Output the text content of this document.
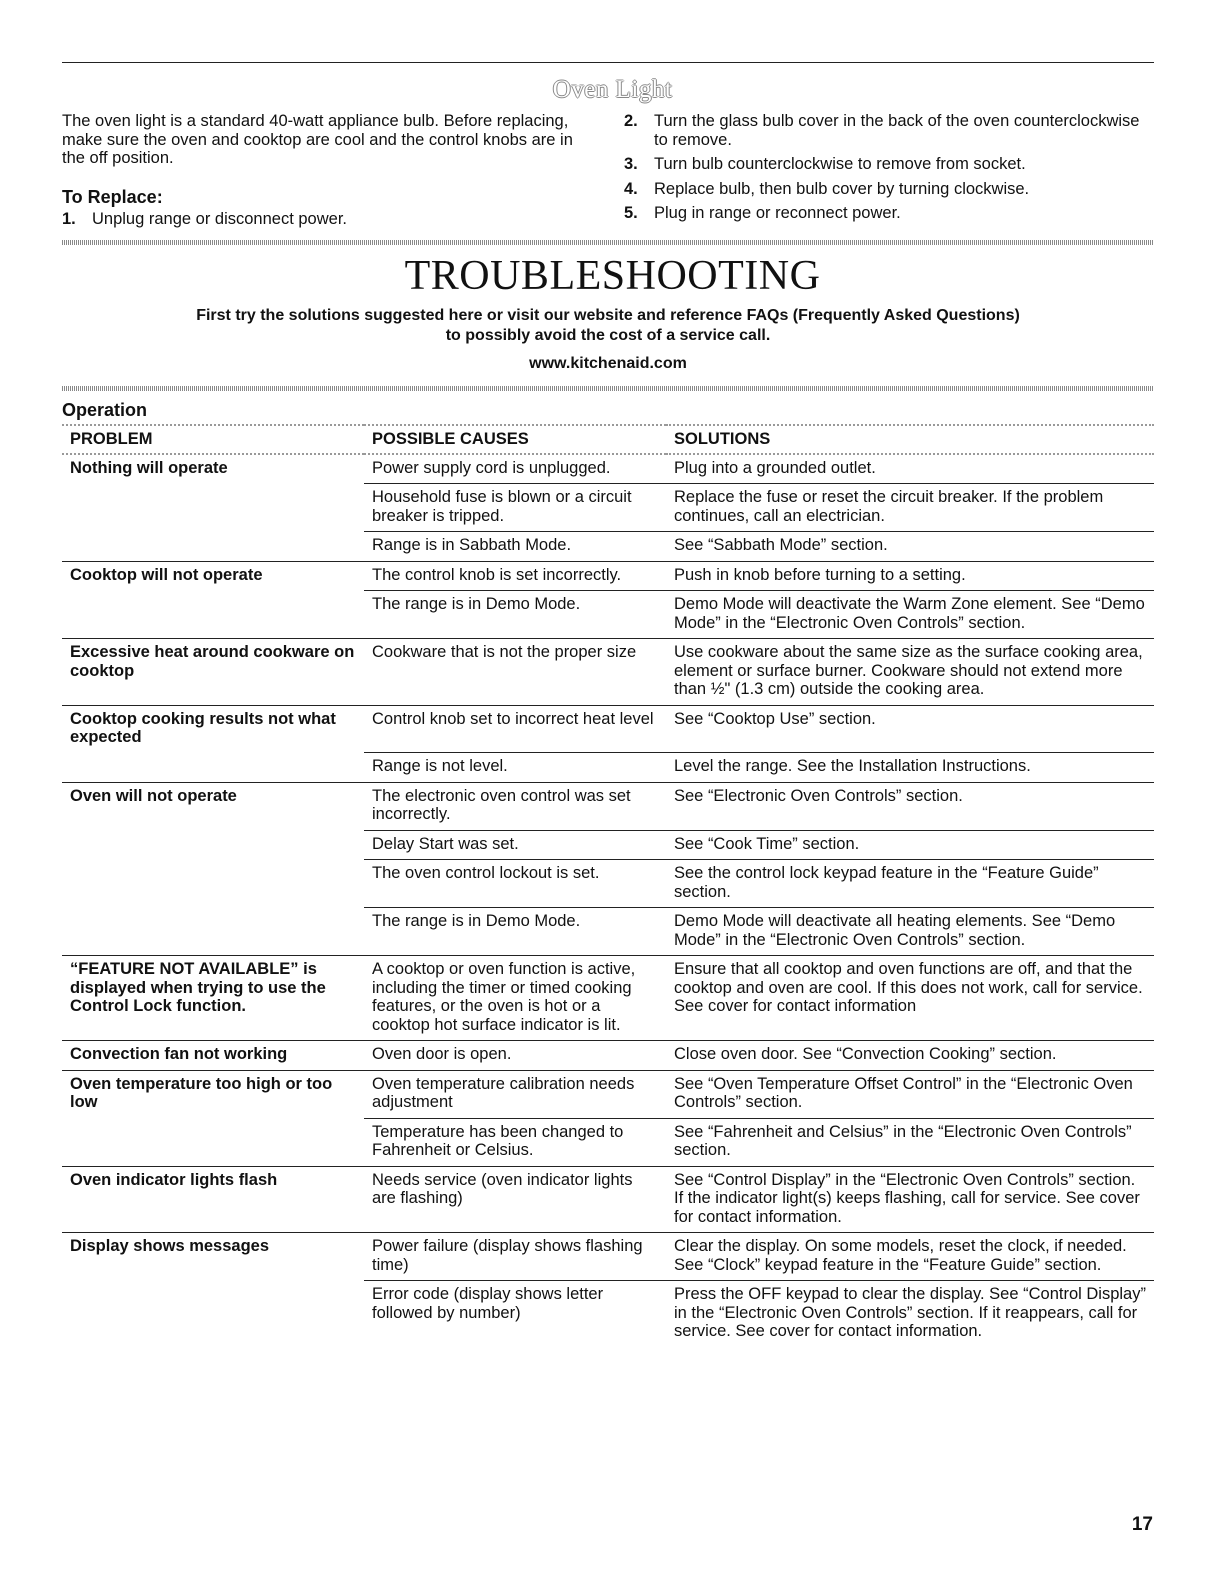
Oven Light
The oven light is a standard 40-watt appliance bulb. Before replacing, make sure the oven and cooktop are cool and the control knobs are in the off position.
To Replace:
1. Unplug range or disconnect power.
2. Turn the glass bulb cover in the back of the oven counterclockwise to remove.
3. Turn bulb counterclockwise to remove from socket.
4. Replace bulb, then bulb cover by turning clockwise.
5. Plug in range or reconnect power.
TROUBLESHOOTING
First try the solutions suggested here or visit our website and reference FAQs (Frequently Asked Questions)
to possibly avoid the cost of a service call.
www.kitchenaid.com
Operation
PROBLEM	POSSIBLE CAUSES	SOLUTIONS
Nothing will operate	Power supply cord is unplugged.	Plug into a grounded outlet.
	Household fuse is blown or a circuit breaker is tripped.	Replace the fuse or reset the circuit breaker. If the problem continues, call an electrician.
	Range is in Sabbath Mode.	See “Sabbath Mode” section.
Cooktop will not operate	The control knob is set incorrectly.	Push in knob before turning to a setting.
	The range is in Demo Mode.	Demo Mode will deactivate the Warm Zone element. See “Demo Mode” in the “Electronic Oven Controls” section.
Excessive heat around cookware on cooktop	Cookware that is not the proper size	Use cookware about the same size as the surface cooking area, element or surface burner. Cookware should not extend more than ½" (1.3 cm) outside the cooking area.
Cooktop cooking results not what expected	Control knob set to incorrect heat level	See “Cooktop Use” section.
	Range is not level.	Level the range. See the Installation Instructions.
Oven will not operate	The electronic oven control was set incorrectly.	See “Electronic Oven Controls” section.
	Delay Start was set.	See “Cook Time” section.
	The oven control lockout is set.	See the control lock keypad feature in the “Feature Guide” section.
	The range is in Demo Mode.	Demo Mode will deactivate all heating elements. See “Demo Mode” in the “Electronic Oven Controls” section.
“FEATURE NOT AVAILABLE” is displayed when trying to use the Control Lock function.	A cooktop or oven function is active, including the timer or timed cooking features, or the oven is hot or a cooktop hot surface indicator is lit.	Ensure that all cooktop and oven functions are off, and that the cooktop and oven are cool. If this does not work, call for service. See cover for contact information
Convection fan not working	Oven door is open.	Close oven door. See “Convection Cooking” section.
Oven temperature too high or too low	Oven temperature calibration needs adjustment	See “Oven Temperature Offset Control” in the “Electronic Oven Controls” section.
	Temperature has been changed to Fahrenheit or Celsius.	See “Fahrenheit and Celsius” in the “Electronic Oven Controls” section.
Oven indicator lights flash	Needs service (oven indicator lights are flashing)	See “Control Display” in the “Electronic Oven Controls” section. If the indicator light(s) keeps flashing, call for service. See cover for contact information.
Display shows messages	Power failure (display shows flashing time)	Clear the display. On some models, reset the clock, if needed. See “Clock” keypad feature in the “Feature Guide” section.
	Error code (display shows letter followed by number)	Press the OFF keypad to clear the display. See “Control Display” in the “Electronic Oven Controls” section. If it reappears, call for service. See cover for contact information.
17
